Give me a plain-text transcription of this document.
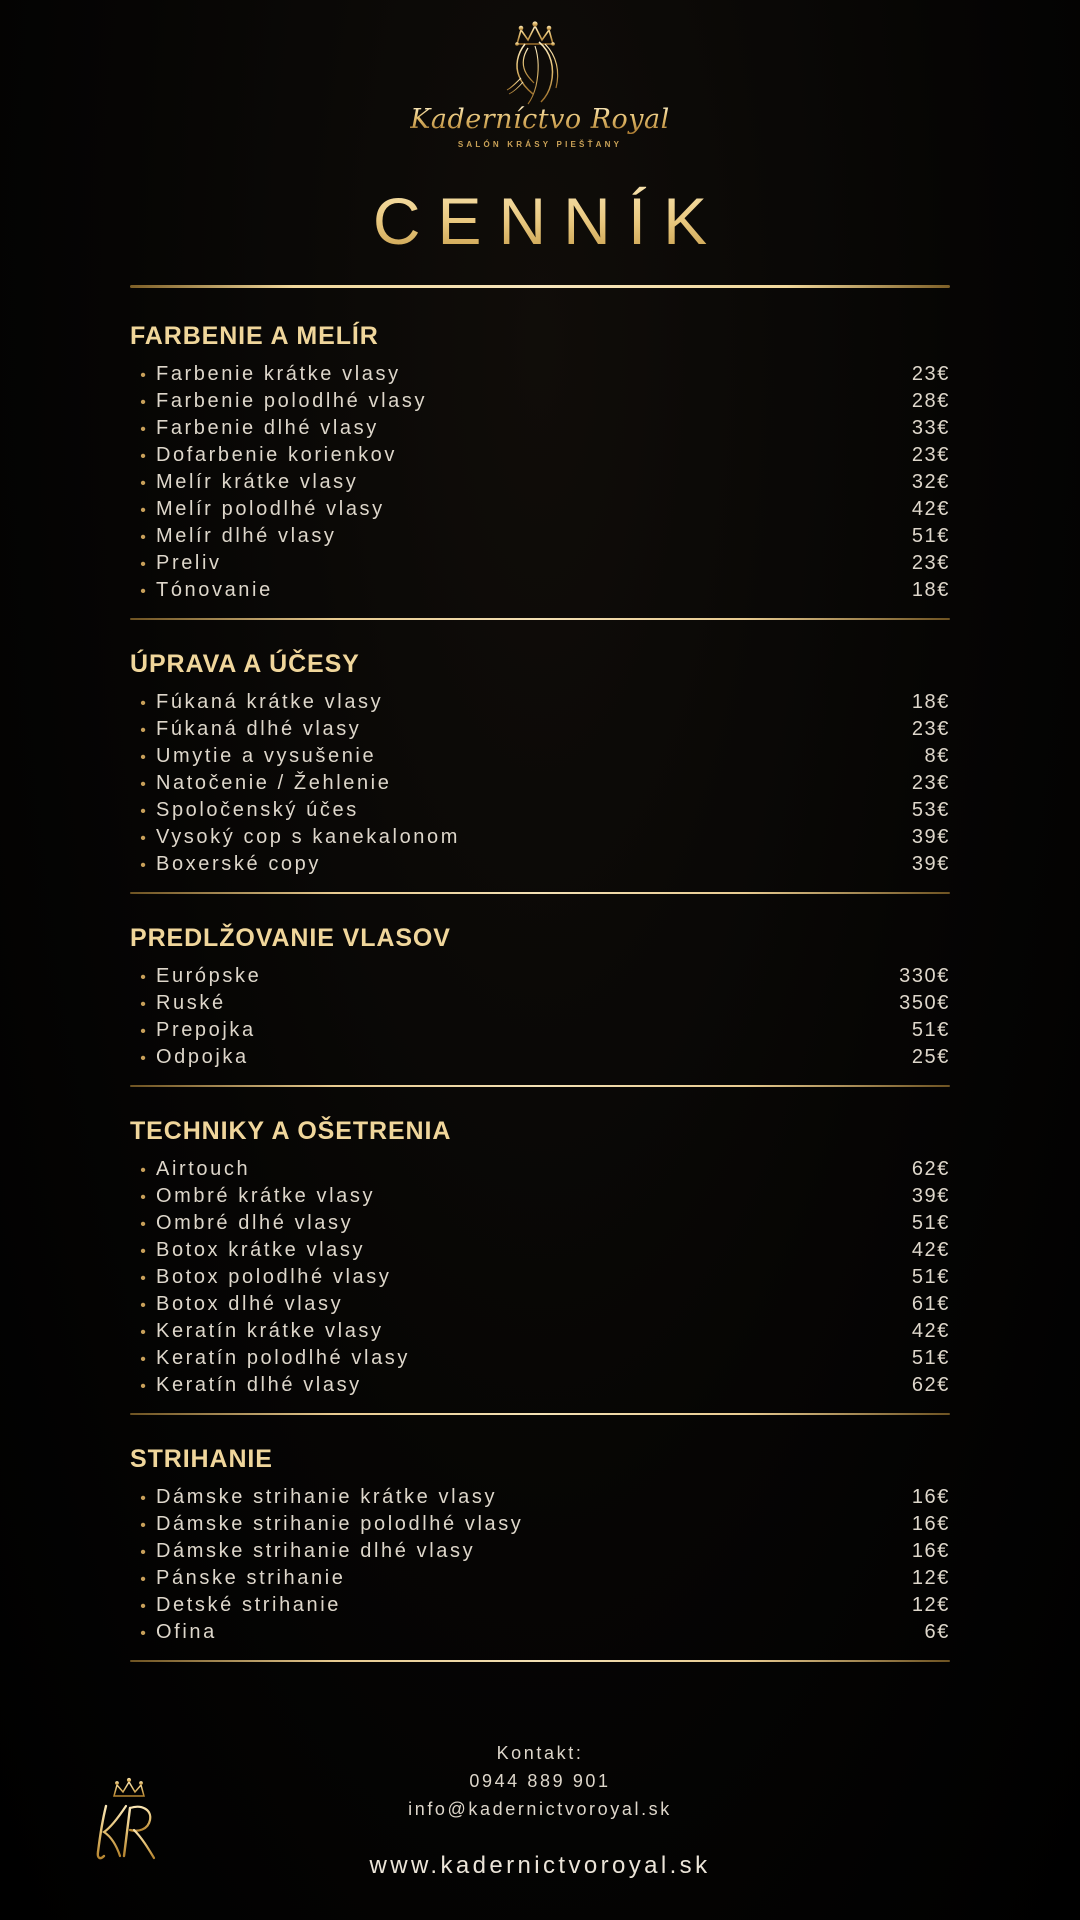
Kaderníctvo Royal
SALÓN KRÁSY PIEŠŤANY
CENNÍK
FARBENIE A MELÍR
• Farbenie krátke vlasy	23€
• Farbenie polodlhé vlasy	28€
• Farbenie dlhé vlasy	33€
• Dofarbenie korienkov	23€
• Melír krátke vlasy	32€
• Melír polodlhé vlasy	42€
• Melír dlhé vlasy	51€
• Preliv	23€
• Tónovanie	18€
ÚPRAVA A ÚČESY
• Fúkaná krátke vlasy	18€
• Fúkaná dlhé vlasy	23€
• Umytie a vysušenie	8€
• Natočenie / Žehlenie	23€
• Spoločenský účes	53€
• Vysoký cop s kanekalonom	39€
• Boxerské copy	39€
PREDLŽOVANIE VLASOV
• Európske	330€
• Ruské	350€
• Prepojka	51€
• Odpojka	25€
TECHNIKY A OŠETRENIA
• Airtouch	62€
• Ombré krátke vlasy	39€
• Ombré dlhé vlasy	51€
• Botox krátke vlasy	42€
• Botox polodlhé vlasy	51€
• Botox dlhé vlasy	61€
• Keratín krátke vlasy	42€
• Keratín polodlhé vlasy	51€
• Keratín dlhé vlasy	62€
STRIHANIE
• Dámske strihanie krátke vlasy	16€
• Dámske strihanie polodlhé vlasy	16€
• Dámske strihanie dlhé vlasy	16€
• Pánske strihanie	12€
• Detské strihanie	12€
• Ofina	6€
Kontakt:
0944 889 901
info@kadernictvoroyal.sk
www.kadernictvoroyal.sk
